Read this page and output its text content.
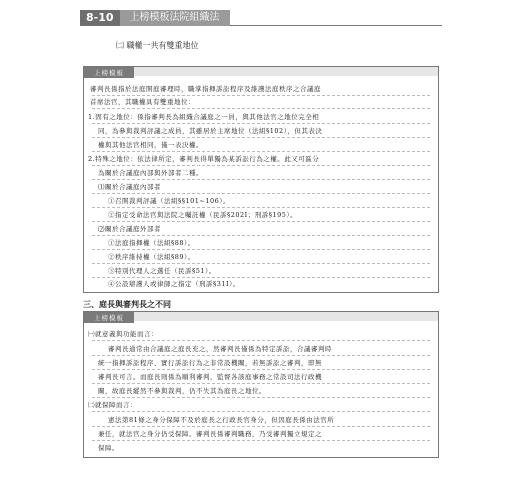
8-10	上榜模板法院組織法
㈡ 職權一共有雙重地位
上榜模板
審判長係指於法庭開庭審理時，職掌指揮訴訟程序及維護法庭秩序之合議庭
首席法官，其職權具有雙重地位：
1.固有之地位：係指審判長為組織合議庭之一員，與其他法官之地位完全相
同，為參與裁判評議之成員，其雖居於主席地位（法組§102），但其表決
權與其他法官相同，僅一表決權。
2.特殊之地位：依法律所定，審判長得單獨為某訴訟行為之權。此又可區分
為關於合議庭內部與外部者二種。
⑴關於合議庭內部者
①召開裁判評議（法組§§101~106）。
②指定受命法官與法院之囑託權（民訴§202Ⅰ；刑訴§195）。
⑵關於合議庭外部者
①法庭指揮權（法組§88）。
②秩序維持權（法組§89）。
③特別代理人之選任（民訴§51）。
④公設辯護人或律師之指定（刑訴§31Ⅰ）。
三、庭長與審判長之不同
上榜模板
㈠就意義與功能而言：
審判長通常由合議庭之庭長充之，然審判長僅係為特定訴訟，合議審判時
統一指揮訴訟程序、實行訴訟行為之非常設機關，若無訴訟之審判，即無
審判長可言。而庭長則係為順利審判，監督各該庭事務之常設司法行政機
關，故庭長縱然不參與裁判，仍不失其為庭長之地位。
㈡就保障而言：
憲法第81條之身分保障不及於庭長之行政長官身分，但因庭長係由法官所
兼任，就法官之身分仍受保障。審判長係審判職務，乃受審判獨立規定之
保障。
